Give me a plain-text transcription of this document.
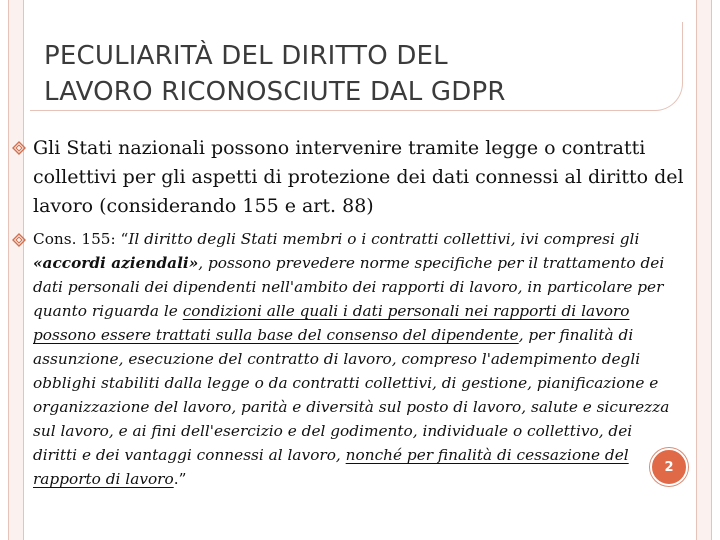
PECULIARITÀ DEL DIRITTO DEL
LAVORO RICONOSCIUTE DAL GDPR
Gli Stati nazionali possono intervenire tramite legge o contratti collettivi per gli aspetti di protezione dei dati connessi al diritto del lavoro (considerando 155 e art. 88)
Cons. 155: “Il diritto degli Stati membri o i contratti collettivi, ivi compresi gli «accordi aziendali», possono prevedere norme specifiche per il trattamento dei dati personali dei dipendenti nell'ambito dei rapporti di lavoro, in particolare per quanto riguarda le condizioni alle quali i dati personali nei rapporti di lavoro possono essere trattati sulla base del consenso del dipendente, per finalità di assunzione, esecuzione del contratto di lavoro, compreso l'adempimento degli obblighi stabiliti dalla legge o da contratti collettivi, di gestione, pianificazione e organizzazione del lavoro, parità e diversità sul posto di lavoro, salute e sicurezza sul lavoro, e ai fini dell'esercizio e del godimento, individuale o collettivo, dei diritti e dei vantaggi connessi al lavoro, nonché per finalità di cessazione del rapporto di lavoro.”
2
